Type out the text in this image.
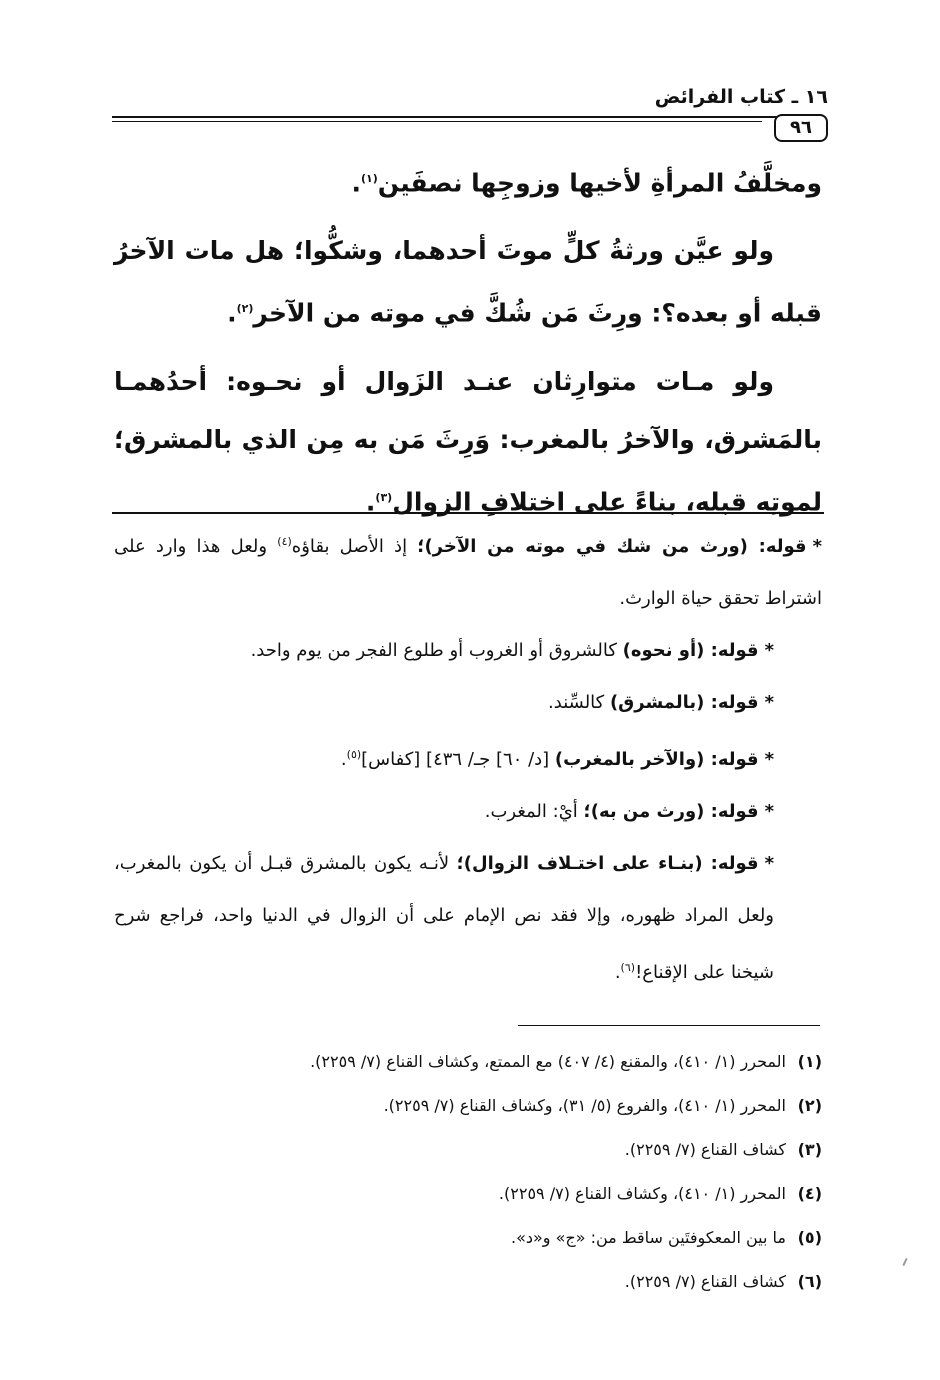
١٦ ـ كتاب الفرائض
٩٦

ومخلَّفُ المرأةِ لأخيها وزوجِها نصفَين$^{(١)}$.

ولو عيَّن ورثةُ كلٍّ موتَ أحدهما، وشكُّوا؛ هل مات الآخرُ قبله أو بعده؟: ورِثَ مَن شُكَّ في موته من الآخر$^{(٢)}$.

ولو مـات متوارِثان عنـد الزَوال أو نحـوه: أحدُهمـا بالمَشرق، والآخرُ بالمغرب: وَرِثَ مَن به مِن الذي بالمشرق؛ لموتِه قبله، بناءً على اختلافِ الزوال$^{(٣)}$.

*قوله: (ورث من شك في موته من الآخر)؛ إذ الأصل بقاؤه$^{(٤)}$ ولعل هذا وارد على اشتراط تحقق حياة الوارث.

*قوله: (أو نحوه) كالشروق أو الغروب أو طلوع الفجر من يوم واحد.

*قوله: (بالمشرق) كالسِّند.

*قوله: (والآخر بالمغرب) [د/ ٦٠] جـ/ ٤٣٦] [كفاس]$^{(٥)}$.

*قوله: (ورث من به)؛ أيْ: المغرب.

*قوله: (بنـاء على اختـلاف الزوال)؛ لأنـه يكون بالمشرق قبـل أن يكون بالمغرب، ولعل المراد ظهوره، وإلا فقد نص الإمام على أن الزوال في الدنيا واحد، فراجع شرح شيخنا على الإقناع!$^{(٦)}$.

(١)المحرر (١/ ٤١٠)، والمقنع (٤/ ٤٠٧) مع الممتع، وكشاف القناع (٧/ ٢٢٥٩).
(٢)المحرر (١/ ٤١٠)، والفروع (٥/ ٣١)، وكشاف القناع (٧/ ٢٢٥٩).
(٣)كشاف القناع (٧/ ٢٢٥٩).
(٤)المحرر (١/ ٤١٠)، وكشاف القناع (٧/ ٢٢٥٩).
(٥)ما بين المعكوفتَين ساقط من: «ج» و«د».
(٦)كشاف القناع (٧/ ٢٢٥٩).
